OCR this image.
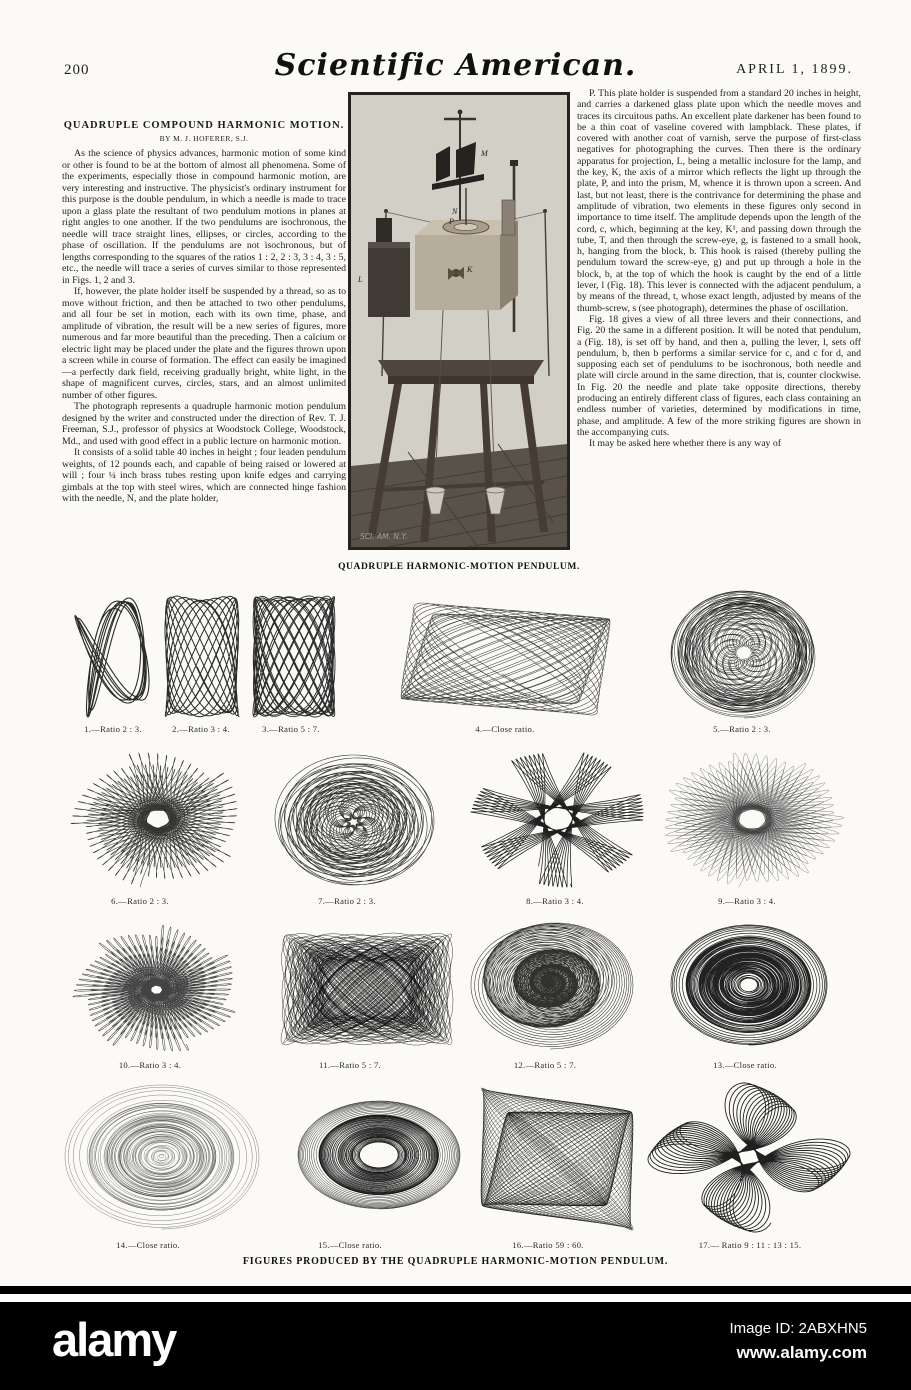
200	Scientific American.	APRIL 1, 1899.

QUADRUPLE COMPOUND HARMONIC MOTION.

BY M. J. HOFERER, S.J.

As the science of physics advances, harmonic motion of some kind or other is found to be at the bottom of almost all phenomena. Some of the experiments, especially those in compound harmonic motion, are very interesting and instructive. The physicist's ordinary instrument for this purpose is the double pendulum, in which a needle is made to trace upon a glass plate the resultant of two pendulum motions in planes at right angles to one another. If the two pendulums are isochronous, the needle will trace straight lines, ellipses, or circles, according to the phase of oscillation. If the pendulums are not isochronous, but of lengths corresponding to the squares of the ratios 1 : 2, 2 : 3, 3 : 4, 3 : 5, etc., the needle will trace a series of curves similar to those represented in Figs. 1, 2 and 3.

If, however, the plate holder itself be suspended by a thread, so as to move without friction, and then be attached to two other pendulums, and all four be set in motion, each with its own time, phase, and amplitude of vibration, the result will be a new series of figures, more numerous and far more beautiful than the preceding. Then a calcium or electric light may be placed under the plate and the figures thrown upon a screen while in course of formation. The effect can easily be imagined—a perfectly dark field, receiving gradually bright, white light, in the shape of magnificent curves, circles, stars, and an almost unlimited number of other figures.

The photograph represents a quadruple harmonic motion pendulum designed by the writer and constructed under the direction of Rev. T. J. Freeman, S.J., professor of physics at Woodstock College, Woodstock, Md., and used with good effect in a public lecture on harmonic motion.

It consists of a solid table 40 inches in height ; four leaden pendulum weights, of 12 pounds each, and capable of being raised or lowered at will ; four ¼ inch brass tubes resting upon knife edges and carrying gimbals at the top with steel wires, which are connected hinge fashion with the needle, N, and the plate holder,

P. This plate holder is suspended from a standard 20 inches in height, and carries a darkened glass plate upon which the needle moves and traces its circuitous paths. An excellent plate darkener has been found to be a thin coat of vaseline covered with lampblack. These plates, if covered with another coat of varnish, serve the purpose of first-class negatives for photographing the curves. Then there is the ordinary apparatus for projection, L, being a metallic inclosure for the lamp, and the key, K, the axis of a mirror which reflects the light up through the plate, P, and into the prism, M, whence it is thrown upon a screen. And last, but not least, there is the contrivance for determining the phase and amplitude of vibration, two elements in these figures only second in importance to time itself. The amplitude depends upon the length of the cord, c, which, beginning at the key, K¹, and passing down through the tube, T, and then through the screw-eye, g, is fastened to a small hook, h, hanging from the block, b. This hook is raised (thereby pulling the pendulum toward the screw-eye, g) and put up through a hole in the block, b, at the top of which the hook is caught by the end of a little lever, l (Fig. 18). This lever is connected with the adjacent pendulum, a by means of the thread, t, whose exact length, adjusted by means of the thumb-screw, s (see photograph), determines the phase of oscillation.

Fig. 18 gives a view of all three levers and their connections, and Fig. 20 the same in a different position. It will be noted that pendulum, a (Fig. 18), is set off by hand, and then a, pulling the lever, l, sets off pendulum, b, then b performs a similar service for c, and c for d, and supposing each set of pendulums to be isochronous, both needle and plate will circle around in the same direction, that is, counter clockwise. In Fig. 20 the needle and plate take opposite directions, thereby producing an entirely different class of figures, each class containing an endless number of varieties, determined by modifications in time, phase, and amplitude. A few of the more striking figures are shown in the accompanying cuts.

It may be asked here whether there is any way of

M
N
P
L
K
SCI. AM. N.Y.
QUADRUPLE HARMONIC-MOTION PENDULUM.
1.—Ratio 2 : 3.	2.—Ratio 3 : 4.	3.—Ratio 5 : 7.	4.—Close ratio.	5.—Ratio 2 : 3.
6.—Ratio 2 : 3.	7.—Ratio 2 : 3.	8.—Ratio 3 : 4.	9.—Ratio 3 : 4.
10.—Ratio 3 : 4.	11.—Ratio 5 : 7.	12.—Ratio 5 : 7.	13.—Close ratio.
14.—Close ratio.	15.—Close ratio.	16.—Ratio 59 : 60.	17.— Ratio 9 : 11 : 13 : 15.
FIGURES PRODUCED BY THE QUADRUPLE HARMONIC-MOTION PENDULUM.
alamy	Image ID: 2ABXHN5
www.alamy.com
